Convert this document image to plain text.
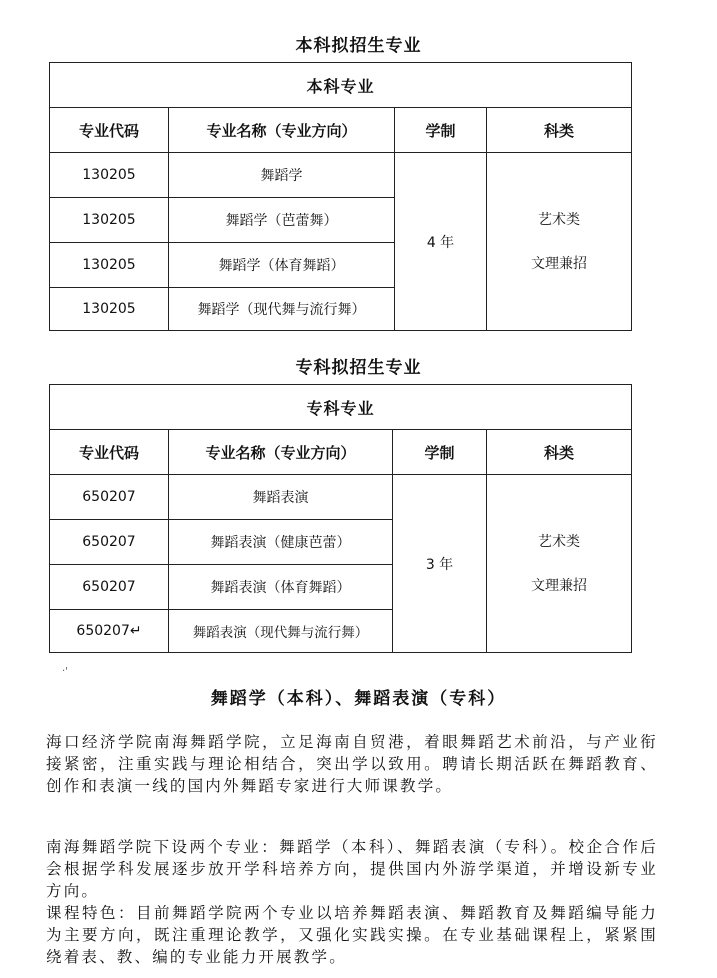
本科拟招生专业
本科专业			
专业代码	专业名称（专业方向）	学制	科类
130205	舞蹈学	4 年	艺术类
文理兼招

130205	舞蹈学（芭蕾舞）		
130205	舞蹈学（体育舞蹈）		
130205	舞蹈学（现代舞与流行舞）		
专科拟招生专业
专科专业			
专业代码	专业名称（专业方向）	学制	科类
650207	舞蹈表演	3 年	艺术类
文理兼招

650207	舞蹈表演（健康芭蕾）		
650207	舞蹈表演（体育舞蹈）		
650207↵	舞蹈表演（现代舞与流行舞）		
·'
舞蹈学（本科）、舞蹈表演（专科）

海口经济学院南海舞蹈学院，立足海南自贸港，着眼舞蹈艺术前沿，与产业衔接紧密，注重实践与理论相结合，突出学以致用。聘请长期活跃在舞蹈教育、创作和表演一线的国内外舞蹈专家进行大师课教学。

南海舞蹈学院下设两个专业：舞蹈学（本科）、舞蹈表演（专科）。校企合作后会根据学科发展逐步放开学科培养方向，提供国内外游学渠道，并增设新专业方向。

课程特色：目前舞蹈学院两个专业以培养舞蹈表演、舞蹈教育及舞蹈编导能力为主要方向，既注重理论教学，又强化实践实操。在专业基础课程上，紧紧围绕着表、教、编的专业能力开展教学。
